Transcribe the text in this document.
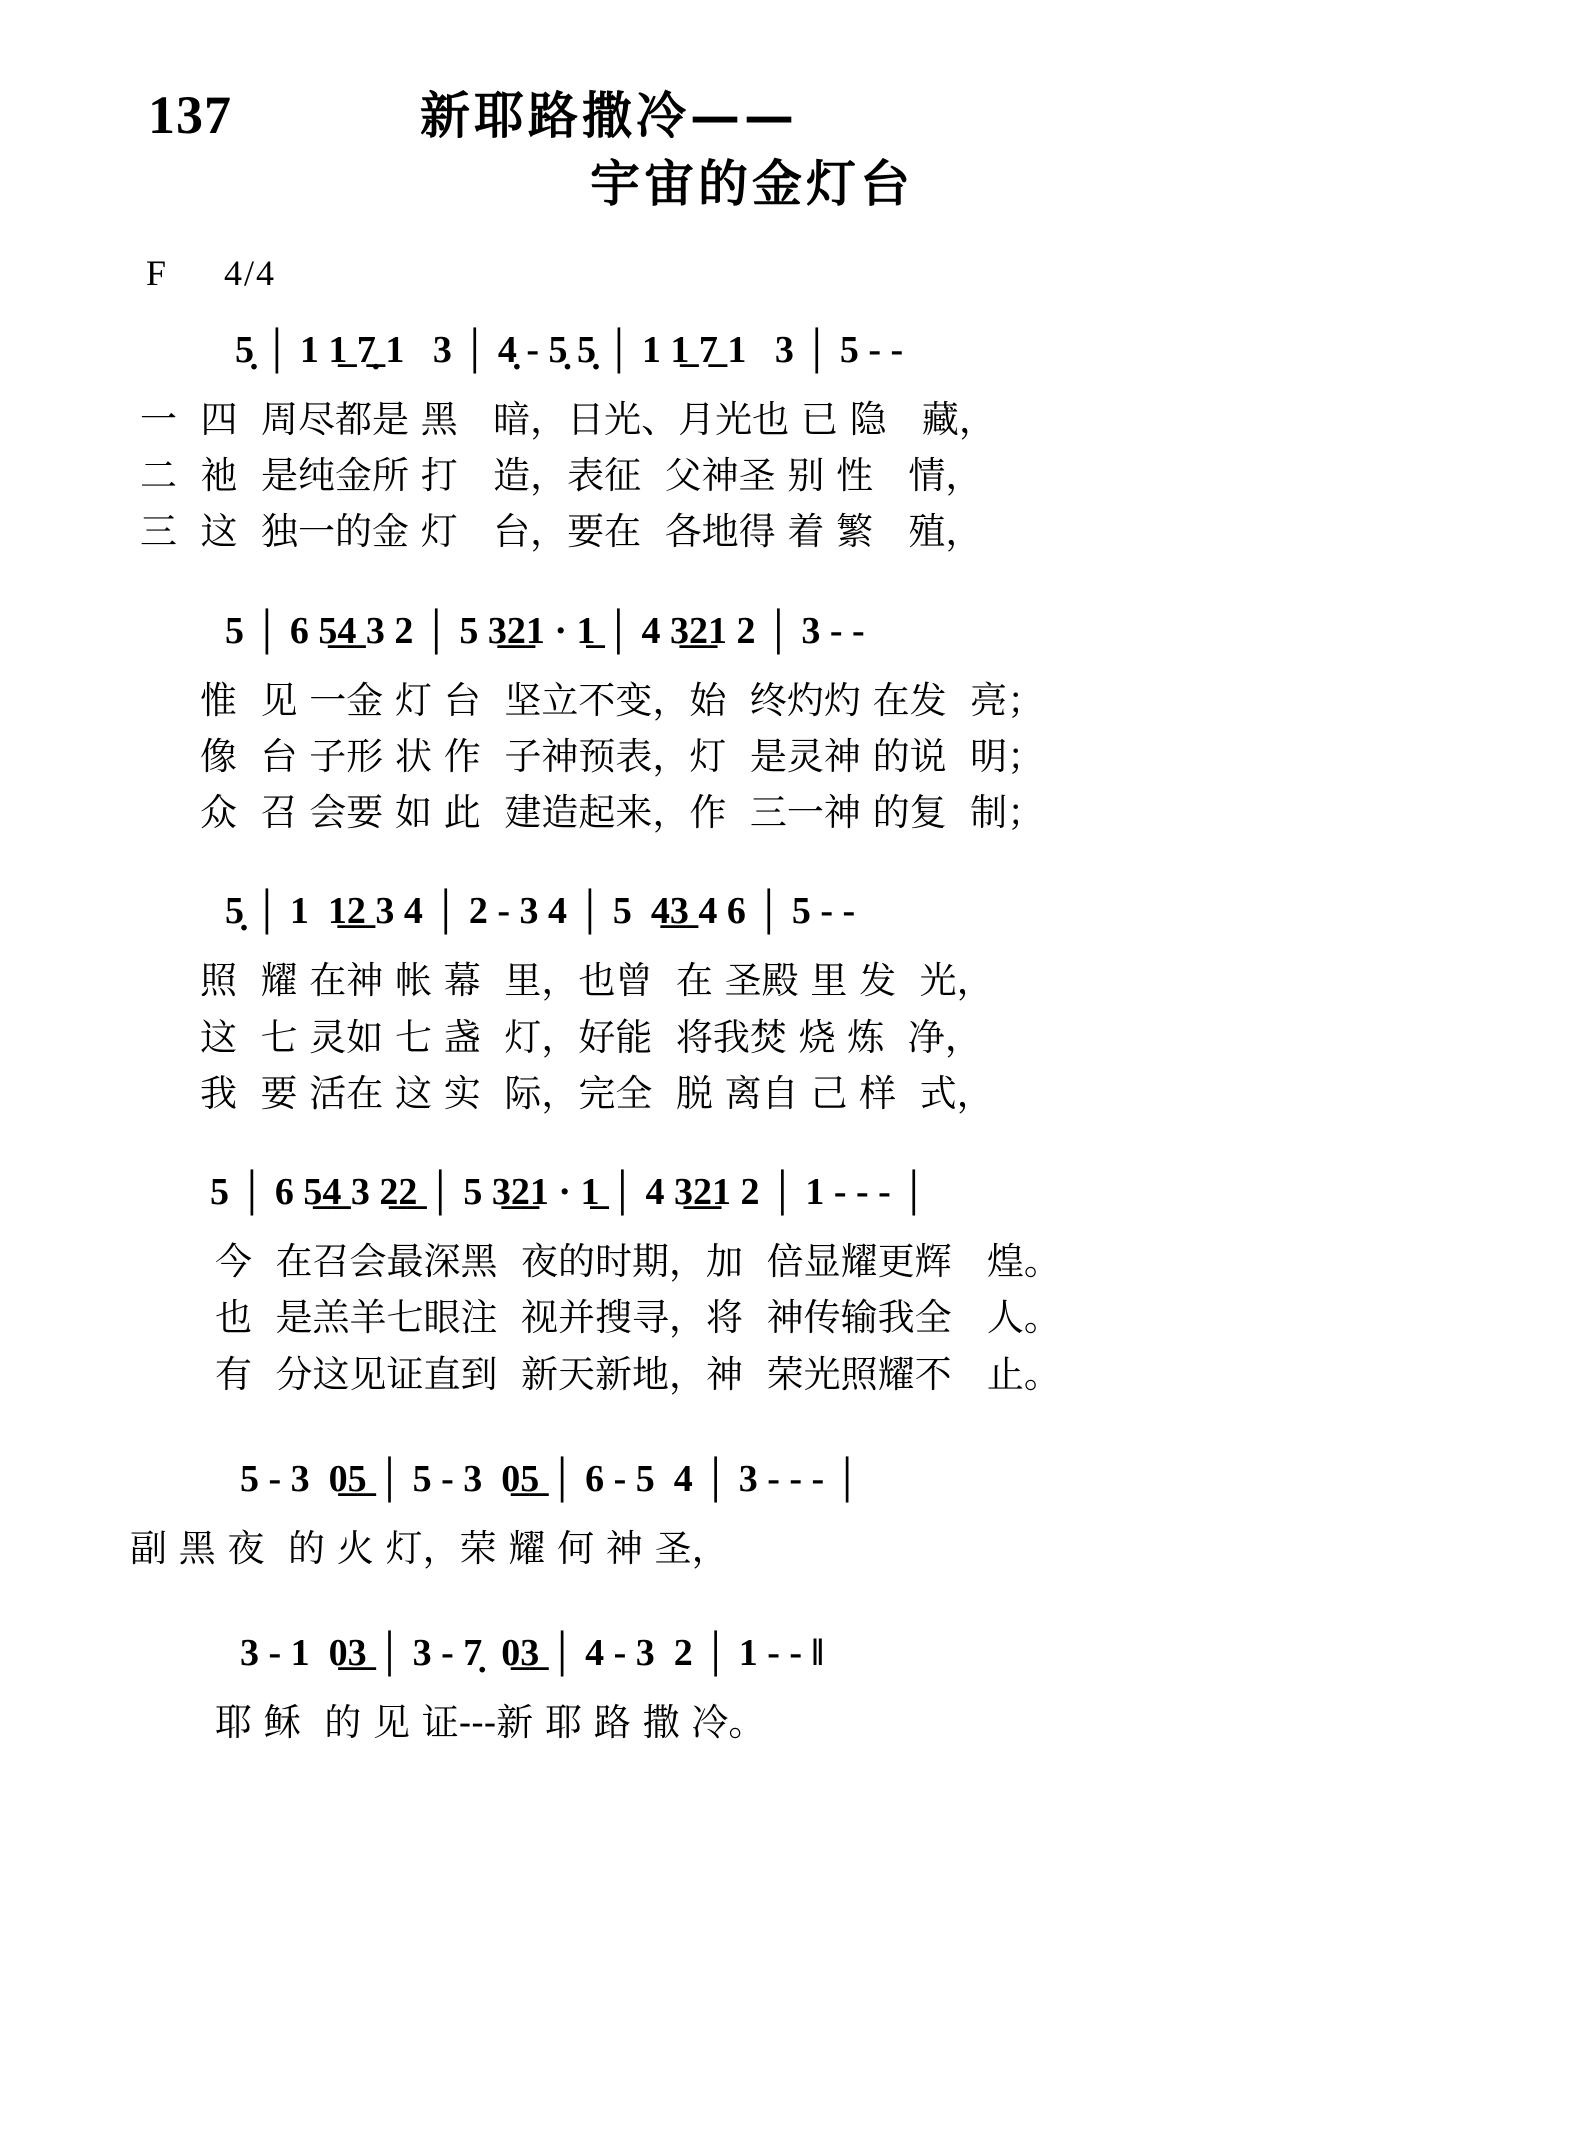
137	新耶路撒冷——
宇宙的金灯台
F 4/4
5̣ │ 1 1̲ 7̣̲ 1   3 │ 4̣ - 5̣ 5̣ │ 1 1̲ 7̲ 1   3 │ 5 - -
一  四  周尽都是 黑   暗，日光、月光也 已 隐   藏，
二  祂  是纯金所 打   造，表征  父神圣 别 性   情，
三  这  独一的金 灯   台，要在  各地得 着 繁   殖，
5 │ 6 5̲4̲ 3 2 │ 5 3̲2̲1 · 1̲ │ 4 3̲2̲1 2 │ 3 - -
惟  见 一金 灯 台  坚立不变，始  终灼灼 在发  亮；
像  台 子形 状 作  子神预表，灯  是灵神 的说  明；
众  召 会要 如 此  建造起来，作  三一神 的复  制；
5̣ │ 1  1̲2̲ 3 4 │ 2 - 3 4 │ 5  4̲3̲ 4 6 │ 5 - -
照  耀 在神 帐 幕  里，也曾  在 圣殿 里 发  光，
这  七 灵如 七 盏  灯，好能  将我焚 烧 炼  净，
我  要 活在 这 实  际，完全  脱 离自 己 样  式，
5 │ 6 5̲4̲ 3 2̲2̲ │ 5 3̲2̲1 · 1̲ │ 4 3̲2̲1 2 │ 1 - - - │
今  在召会最深黑  夜的时期，加  倍显耀更辉   煌。
也  是羔羊七眼注  视并搜寻，将  神传输我全   人。
有  分这见证直到  新天新地，神  荣光照耀不   止。
5 - 3  0̲5̲ │ 5 - 3  0̲5̲ │ 6 - 5  4 │ 3 - - - │
副 黑 夜  的 火 灯，荣 耀 何 神 圣，
3 - 1  0̲3̲ │ 3 - 7̣  0̲3̲ │ 4 - 3  2 │ 1 - - ‖
耶 稣  的 见 证---新 耶 路 撒 冷。
